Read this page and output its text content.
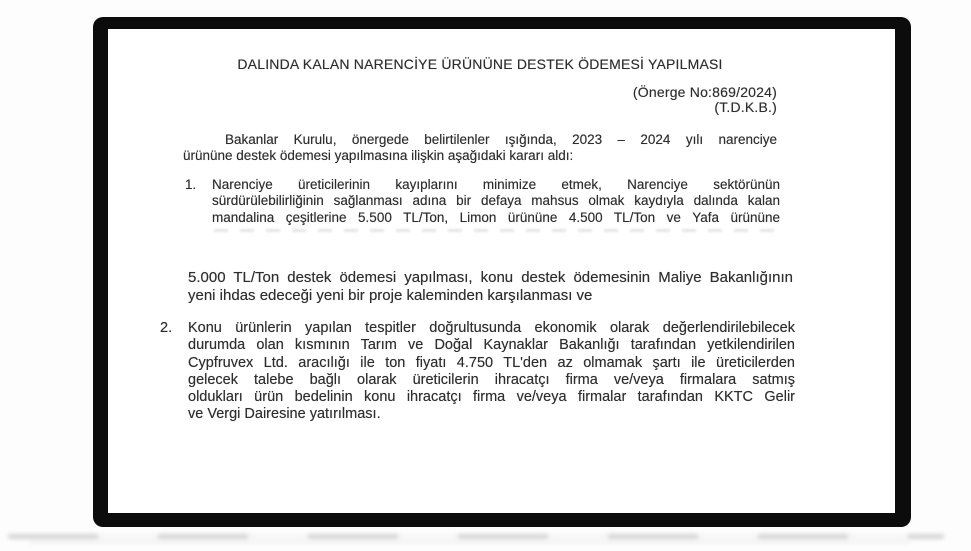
DALINDA KALAN NARENCİYE ÜRÜNÜNE DESTEK ÖDEMESİ YAPILMASI
(Önerge No:869/2024)
(T.D.K.B.)
Bakanlar Kurulu, önergede belirtilenler ışığında, 2023 – 2024 yılı narenciye
ürününe destek ödemesi yapılmasına ilişkin aşağıdaki kararı aldı:
1. Narenciye üreticilerinin kayıplarını minimize etmek, Narenciye sektörünün
sürdürülebilirliğinin sağlanması adına bir defaya mahsus olmak kaydıyla dalında kalan
mandalina çeşitlerine 5.500 TL/Ton, Limon ürününe 4.500 TL/Ton ve Yafa ürününe
5.000 TL/Ton destek ödemesi yapılması, konu destek ödemesinin Maliye Bakanlığının
yeni ihdas edeceği yeni bir proje kaleminden karşılanması ve
2. Konu ürünlerin yapılan tespitler doğrultusunda ekonomik olarak değerlendirilebilecek
durumda olan kısmının Tarım ve Doğal Kaynaklar Bakanlığı tarafından yetkilendirilen
Cypfruvex Ltd. aracılığı ile ton fiyatı 4.750 TL'den az olmamak şartı ile üreticilerden
gelecek talebe bağlı olarak üreticilerin ihracatçı firma ve/veya firmalara satmış
oldukları ürün bedelinin konu ihracatçı firma ve/veya firmalar tarafından KKTC Gelir
ve Vergi Dairesine yatırılması.
